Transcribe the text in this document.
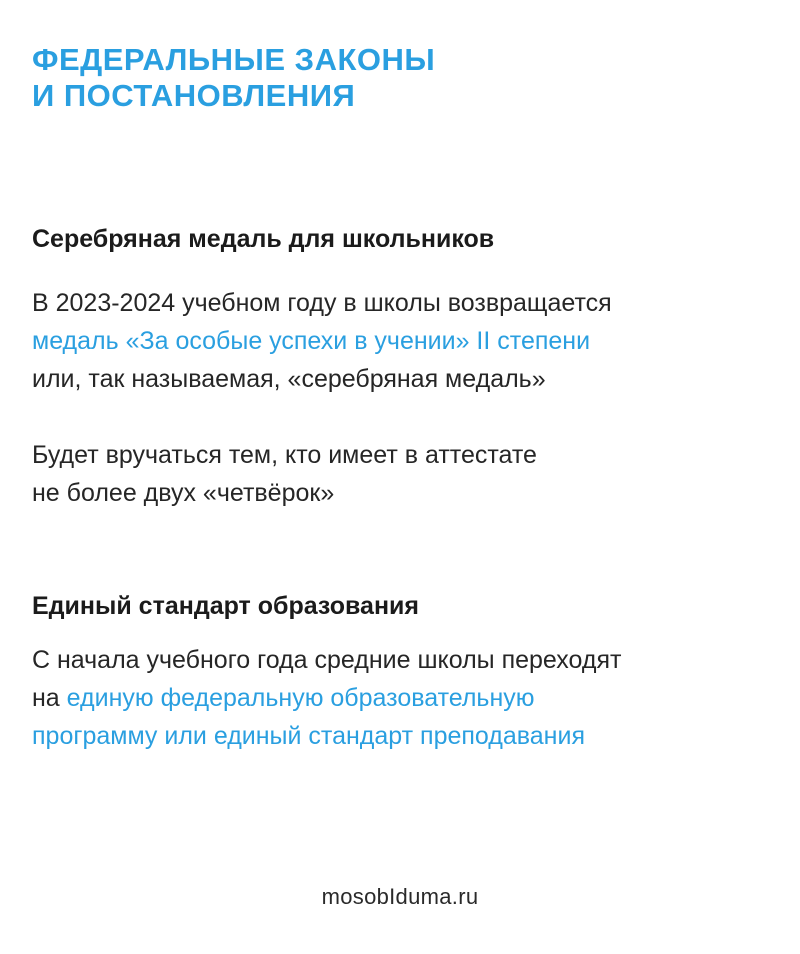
ФЕДЕРАЛЬНЫЕ ЗАКОНЫ
И ПОСТАНОВЛЕНИЯ
Серебряная медаль для школьников

В 2023-2024 учебном году в школы возвращается
медаль «За особые успехи в учении» II степени
или, так называемая, «серебряная медаль»

Будет вручаться тем, кто имеет в аттестате
не более двух «четвёрок»

Единый стандарт образования

С начала учебного года средние школы переходят
на единую федеральную образовательную
программу или единый стандарт преподавания

mosobIduma.ru
